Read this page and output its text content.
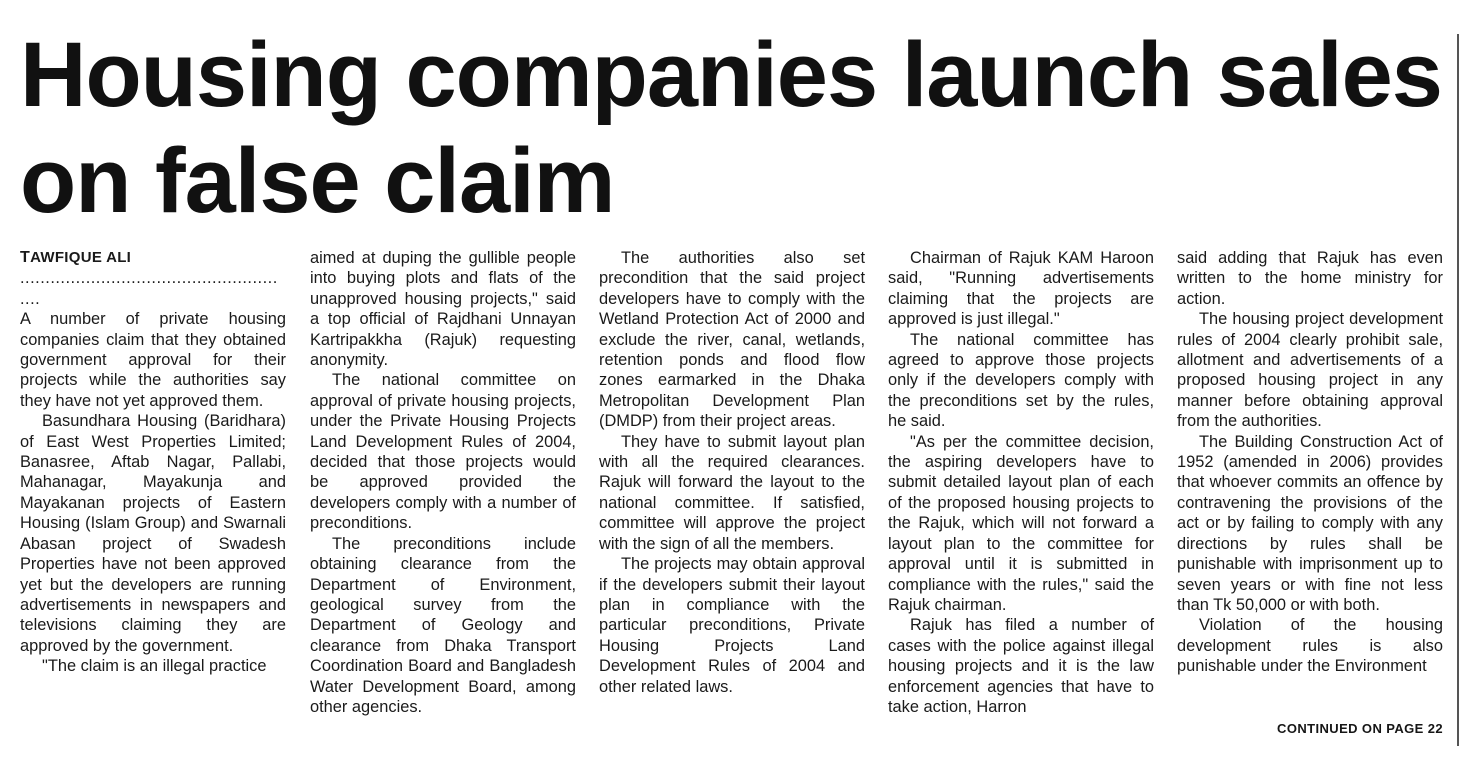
Housing companies launch sales
on false claim

TAWFIQUE ALI

...................................................

....

A number of private housing companies claim that they obtained government approval for their projects while the authorities say they have not yet approved them.

Basundhara Housing (Baridhara) of East West Properties Limited; Banasree, Aftab Nagar, Pallabi, Mahanagar, Mayakunja and Mayakanan projects of Eastern Housing (Islam Group) and Swarnali Abasan project of Swadesh Properties have not been approved yet but the developers are running advertisements in newspapers and televisions claiming they are approved by the government.

"The claim is an illegal practice

aimed at duping the gullible people into buying plots and flats of the unapproved housing projects," said a top official of Rajdhani Unnayan Kartripakkha (Rajuk) requesting anonymity.

The national committee on approval of private housing projects, under the Private Housing Projects Land Development Rules of 2004, decided that those projects would be approved provided the developers comply with a number of preconditions.

The preconditions include obtaining clearance from the Department of Environment, geological survey from the Department of Geology and clearance from Dhaka Transport Coordination Board and Bangladesh Water Development Board, among other agencies.

The authorities also set precondition that the said project developers have to comply with the Wetland Protection Act of 2000 and exclude the river, canal, wetlands, retention ponds and flood flow zones earmarked in the Dhaka Metropolitan Development Plan (DMDP) from their project areas.

They have to submit layout plan with all the required clearances. Rajuk will forward the layout to the national committee. If satisfied, committee will approve the project with the sign of all the members.

The projects may obtain approval if the developers submit their layout plan in compliance with the particular preconditions, Private Housing Projects Land Development Rules of 2004 and other related laws.

Chairman of Rajuk KAM Haroon said, "Running advertisements claiming that the projects are approved is just illegal."

The national committee has agreed to approve those projects only if the developers comply with the preconditions set by the rules, he said.

"As per the committee decision, the aspiring developers have to submit detailed layout plan of each of the proposed housing projects to the Rajuk, which will not forward a layout plan to the committee for approval until it is submitted in compliance with the rules," said the Rajuk chairman.

Rajuk has filed a number of cases with the police against illegal housing projects and it is the law enforcement agencies that have to take action, Harron

said adding that Rajuk has even written to the home ministry for action.

The housing project development rules of 2004 clearly prohibit sale, allotment and advertisements of a proposed housing project in any manner before obtaining approval from the authorities.

The Building Construction Act of 1952 (amended in 2006) provides that whoever commits an offence by contravening the provisions of the act or by failing to comply with any directions by rules shall be punishable with imprisonment up to seven years or with fine not less than Tk 50,000 or with both.

Violation of the housing development rules is also punishable under the Environment

CONTINUED ON PAGE 22
